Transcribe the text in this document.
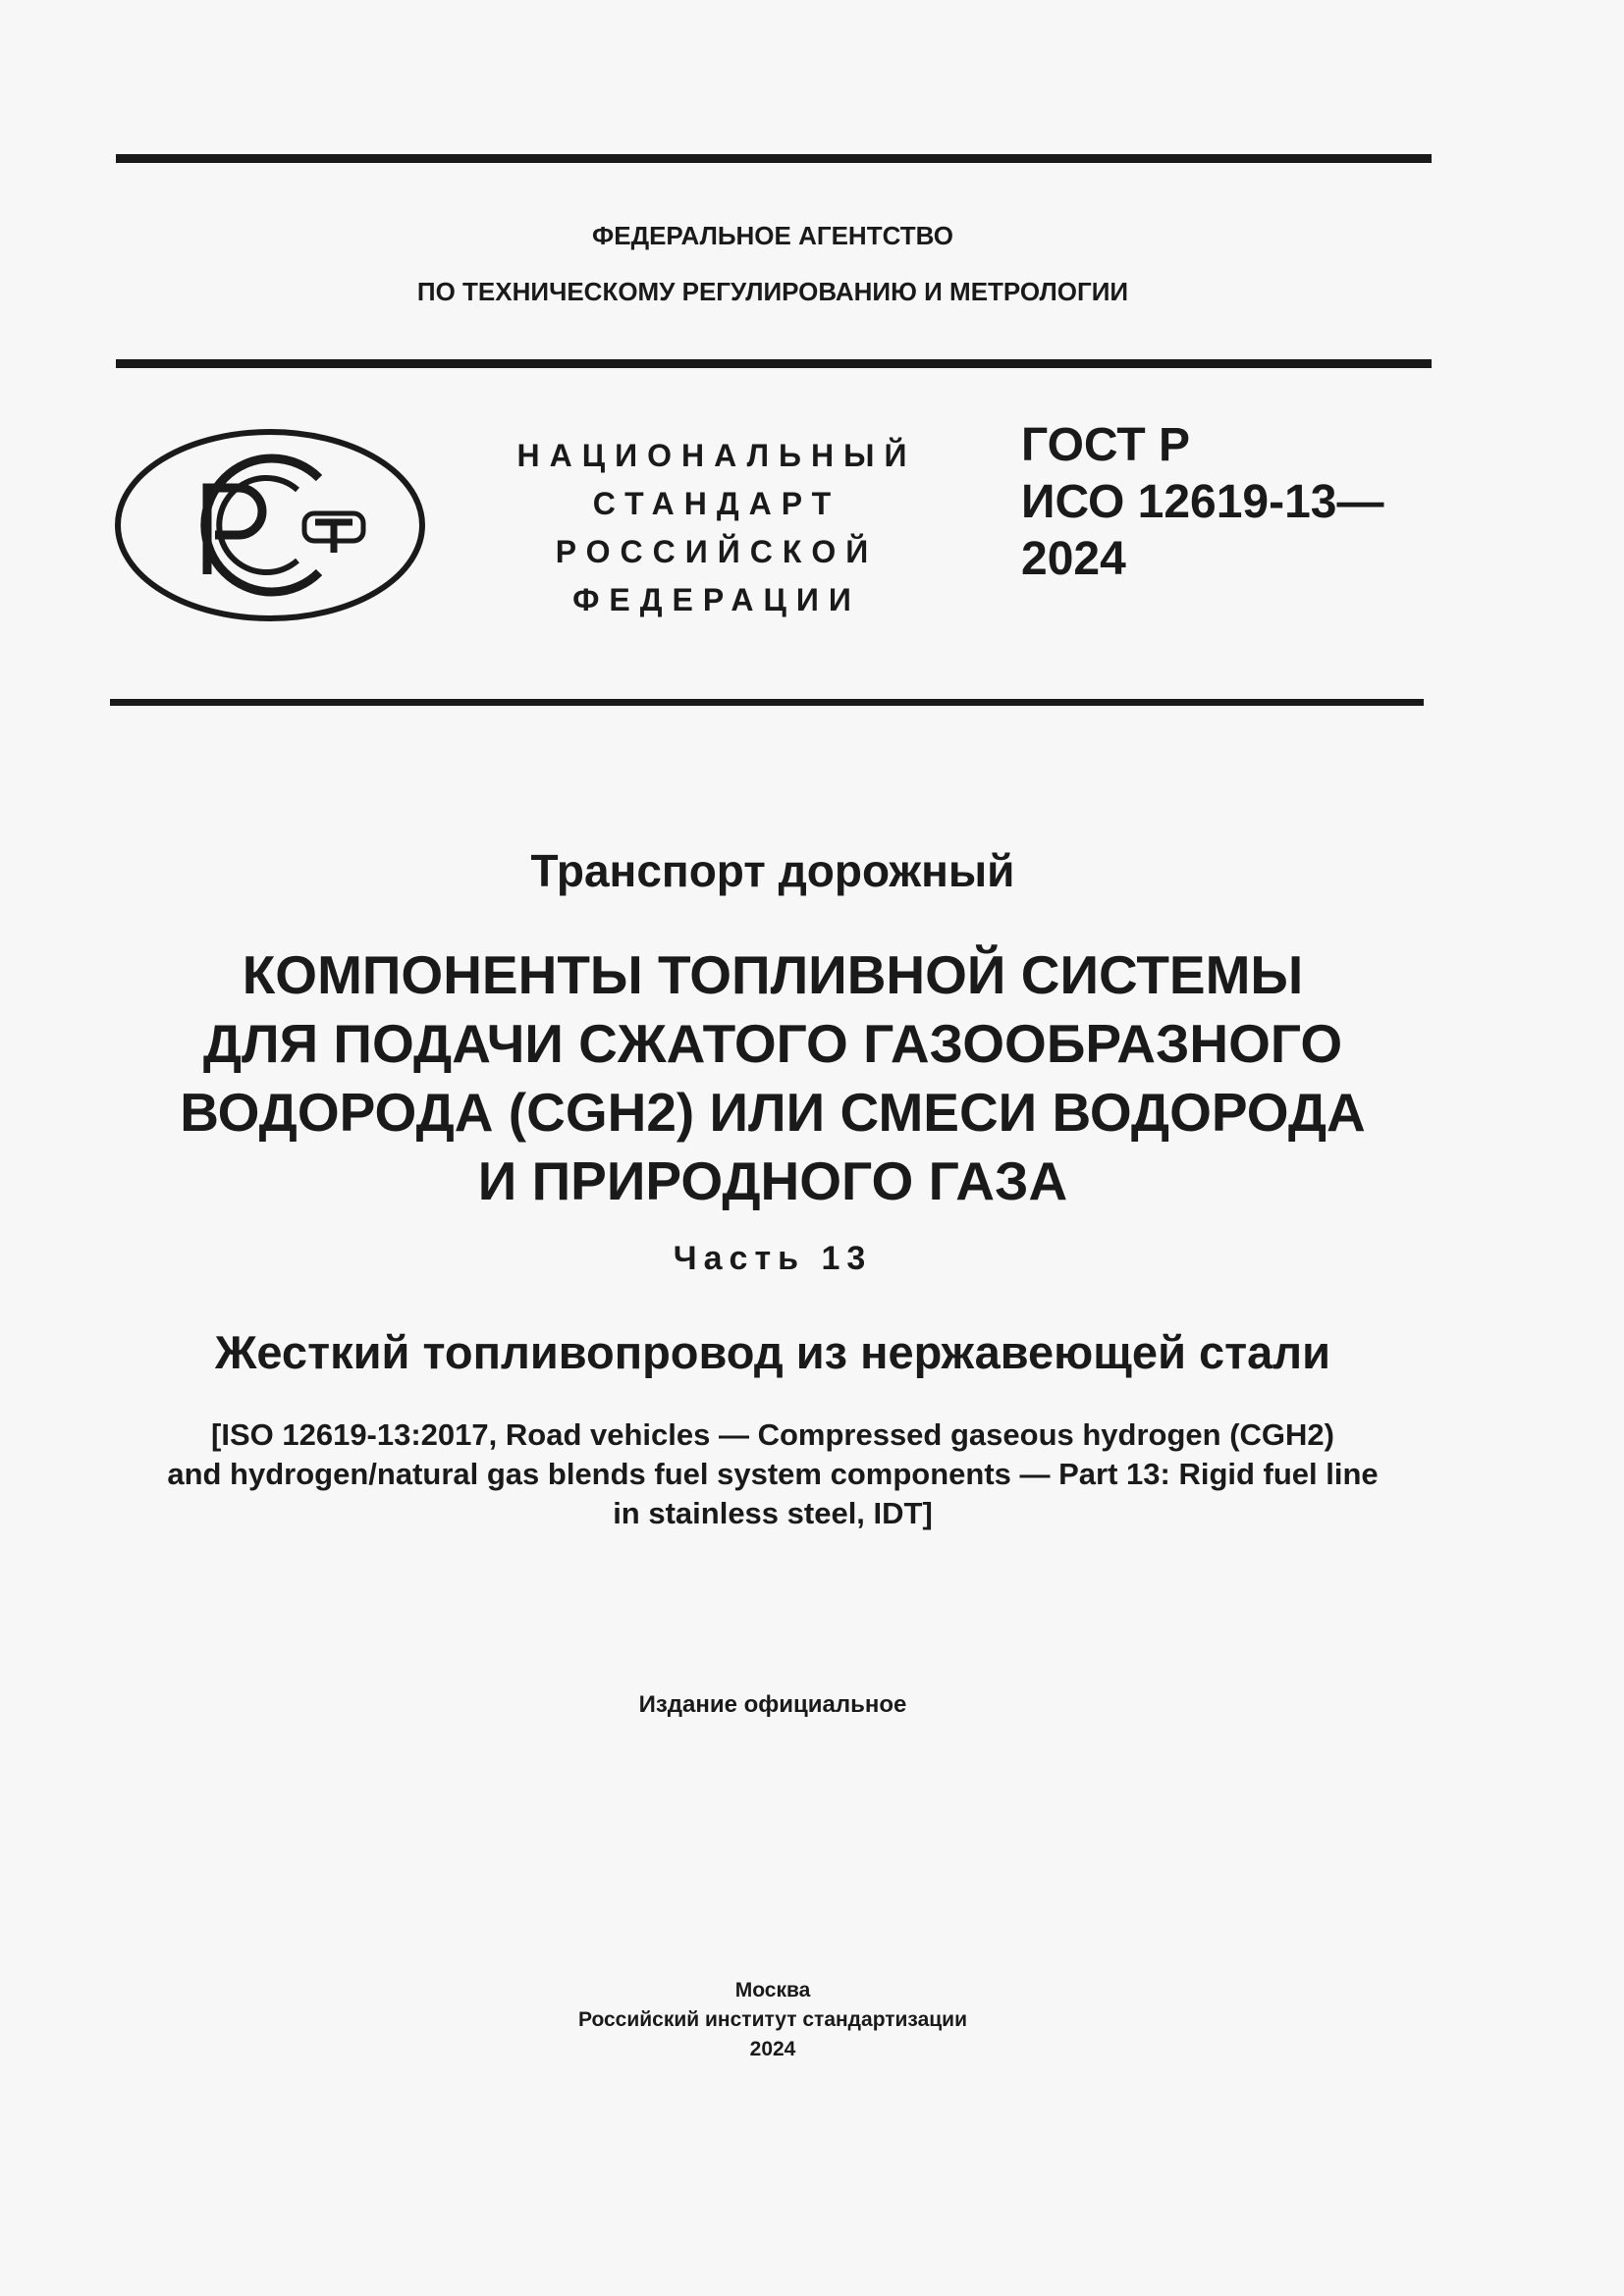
ФЕДЕРАЛЬНОЕ АГЕНТСТВО
ПО ТЕХНИЧЕСКОМУ РЕГУЛИРОВАНИЮ И МЕТРОЛОГИИ
НАЦИОНАЛЬНЫЙ
СТАНДАРТ
РОССИЙСКОЙ
ФЕДЕРАЦИИ
ГОСТ Р
ИСО 12619-13—
2024
Транспорт дорожный
КОМПОНЕНТЫ ТОПЛИВНОЙ СИСТЕМЫ
ДЛЯ ПОДАЧИ СЖАТОГО ГАЗООБРАЗНОГО
ВОДОРОДА (CGH2) ИЛИ СМЕСИ ВОДОРОДА
И ПРИРОДНОГО ГАЗА
Часть 13
Жесткий топливопровод из нержавеющей стали
[ISO 12619-13:2017, Road vehicles — Compressed gaseous hydrogen (CGH2)
and hydrogen/natural gas blends fuel system components — Part 13: Rigid fuel line
in stainless steel, IDT]
Издание официальное
Москва
Российский институт стандартизации
2024
